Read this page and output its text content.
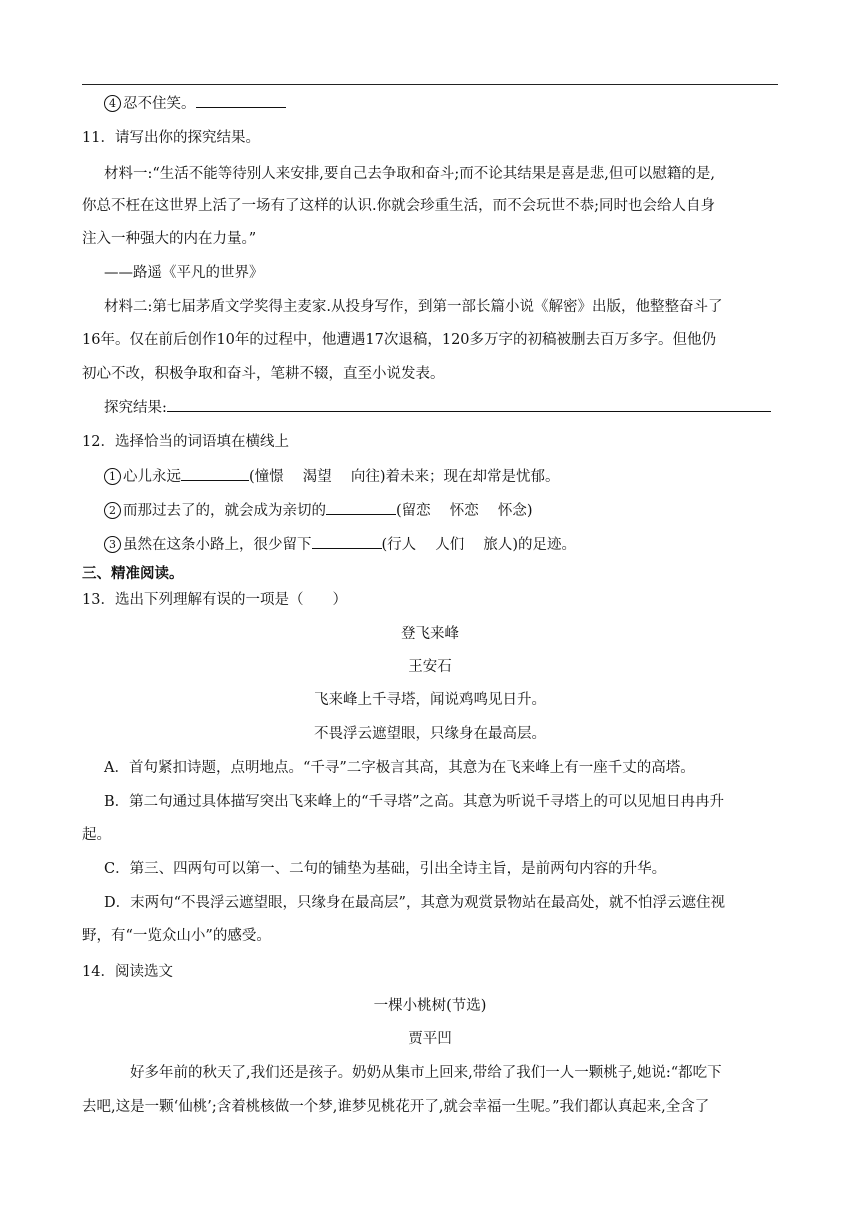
4 忍不住笑。
11．请写出你的探究结果。
材料一:“生活不能等待别人来安排,要自己去争取和奋斗;而不论其结果是喜是悲,但可以慰籍的是,
你总不枉在这世界上活了一场有了这样的认识.你就会珍重生活，而不会玩世不恭;同时也会给人自身
注入一种强大的内在力量。”
——路遥《平凡的世界》
材料二:第七届茅盾文学奖得主麦家.从投身写作，到第一部长篇小说《解密》出版，他整整奋斗了
16年。仅在前后创作10年的过程中，他遭遇17次退稿，120多万字的初稿被删去百万多字。但他仍
初心不改，积极争取和奋斗，笔耕不辍，直至小说发表。
探究结果:
12．选择恰当的词语填在横线上
1 心儿永远	(憧憬　 渴望　 向往)着未来；现在却常是忧郁。
2 而那过去了的，就会成为亲切的	(留恋　 怀恋　 怀念)
3 虽然在这条小路上，很少留下	(行人　 人们　 旅人)的足迹。
三、精准阅读。
13．选出下列理解有误的一项是（　　）
登飞来峰
王安石
飞来峰上千寻塔，闻说鸡鸣见日升。
不畏浮云遮望眼，只缘身在最高层。
A．首句紧扣诗题，点明地点。“千寻”二字极言其高，其意为在飞来峰上有一座千丈的高塔。
B．第二句通过具体描写突出飞来峰上的“千寻塔”之高。其意为听说千寻塔上的可以见旭日冉冉升
起。
C．第三、四两句可以第一、二句的铺垫为基础，引出全诗主旨，是前两句内容的升华。
D．末两句“不畏浮云遮望眼，只缘身在最高层”，其意为观赏景物站在最高处，就不怕浮云遮住视
野，有“一览众山小”的感受。
14．阅读选文
一棵小桃树(节选)
贾平凹
好多年前的秋天了,我们还是孩子。奶奶从集市上回来,带给了我们一人一颗桃子,她说:“都吃下
去吧,这是一颗‘仙桃’;含着桃核做一个梦,谁梦见桃花开了,就会幸福一生呢。”我们都认真起来,全含了
